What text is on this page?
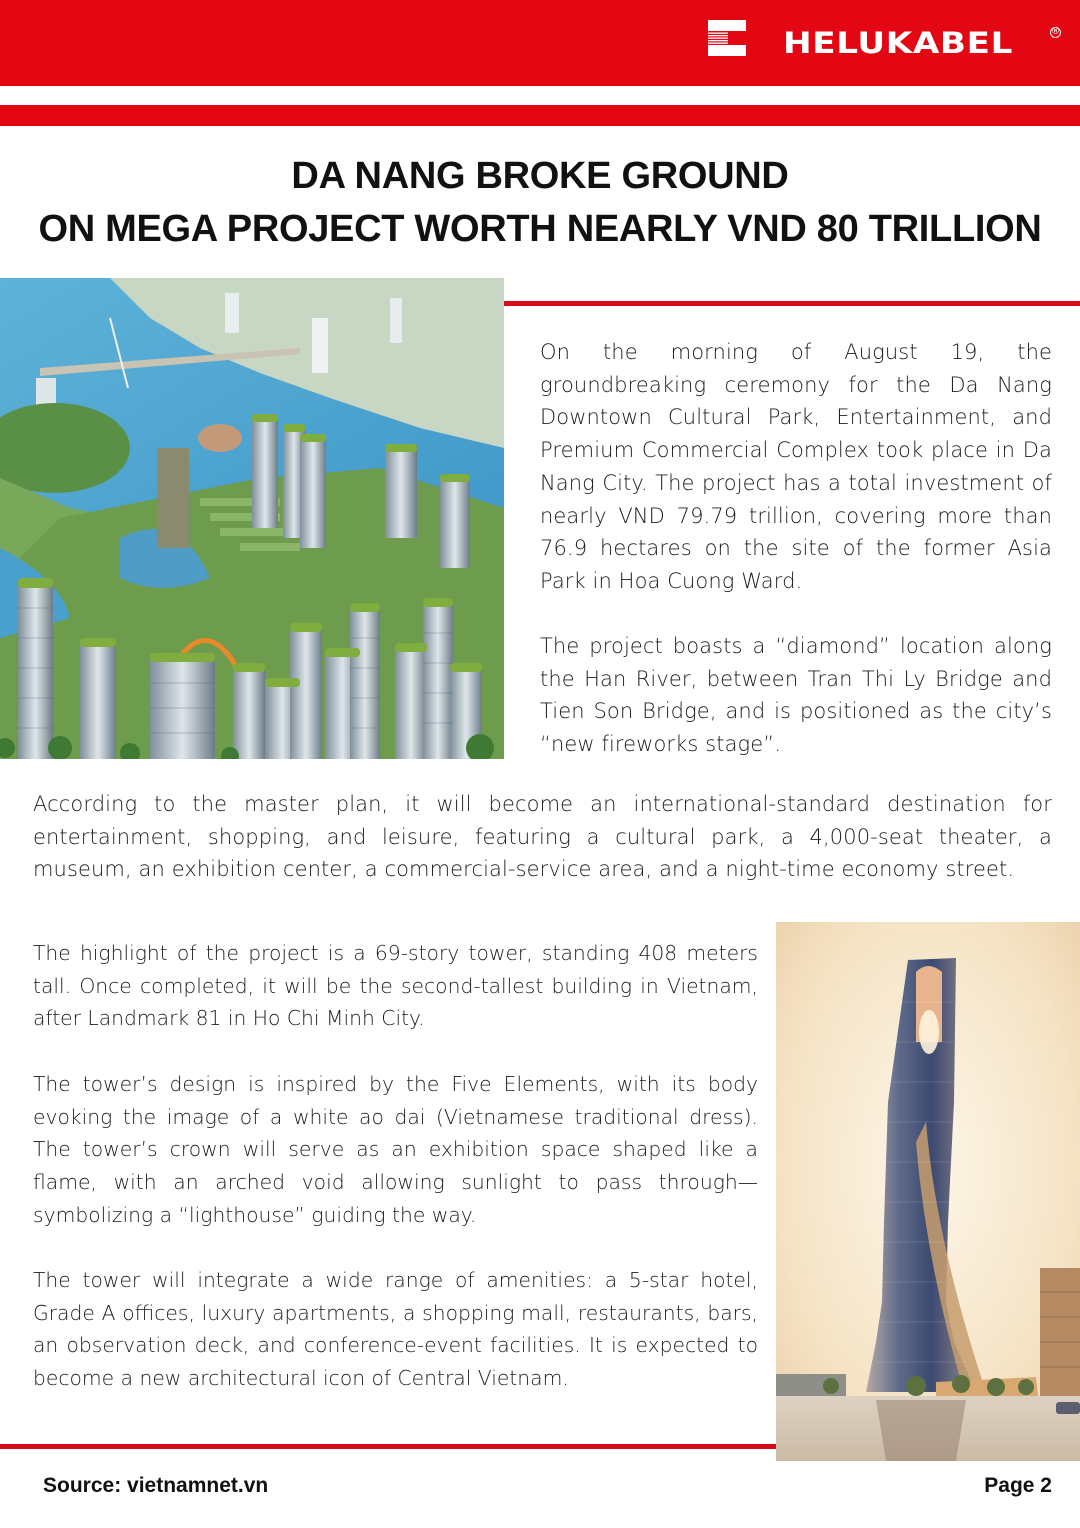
HELUKABEL	®
DA NANG BROKE GROUND
ON MEGA PROJECT WORTH NEARLY VND 80 TRILLION

On the morning of August 19, the groundbreaking ceremony for the Da Nang Downtown Cultural Park, Entertainment, and Premium Commercial Complex took place in Da Nang City. The project has a total investment of nearly VND 79.79 trillion, covering more than 76.9 hectares on the site of the former Asia Park in Hoa Cuong Ward.

The project boasts a “diamond” location along the Han River, between Tran Thi Ly Bridge and Tien Son Bridge, and is positioned as the city’s “new fireworks stage”.

According to the master plan, it will become an international-standard destination for entertainment, shopping, and leisure, featuring a cultural park, a 4,000-seat theater, a museum, an exhibition center, a commercial-service area, and a night-time economy street.

The highlight of the project is a 69-story tower, standing 408 meters tall. Once completed, it will be the second-tallest building in Vietnam, after Landmark 81 in Ho Chi Minh City.

The tower’s design is inspired by the Five Elements, with its body evoking the image of a white ao dai (Vietnamese traditional dress). The tower’s crown will serve as an exhibition space shaped like a flame, with an arched void allowing sunlight to pass through—symbolizing a “lighthouse” guiding the way.

The tower will integrate a wide range of amenities: a 5-star hotel, Grade A offices, luxury apartments, a shopping mall, restaurants, bars, an observation deck, and conference-event facilities. It is expected to become a new architectural icon of Central Vietnam.

Source: vietnamnet.vn	Page 2
